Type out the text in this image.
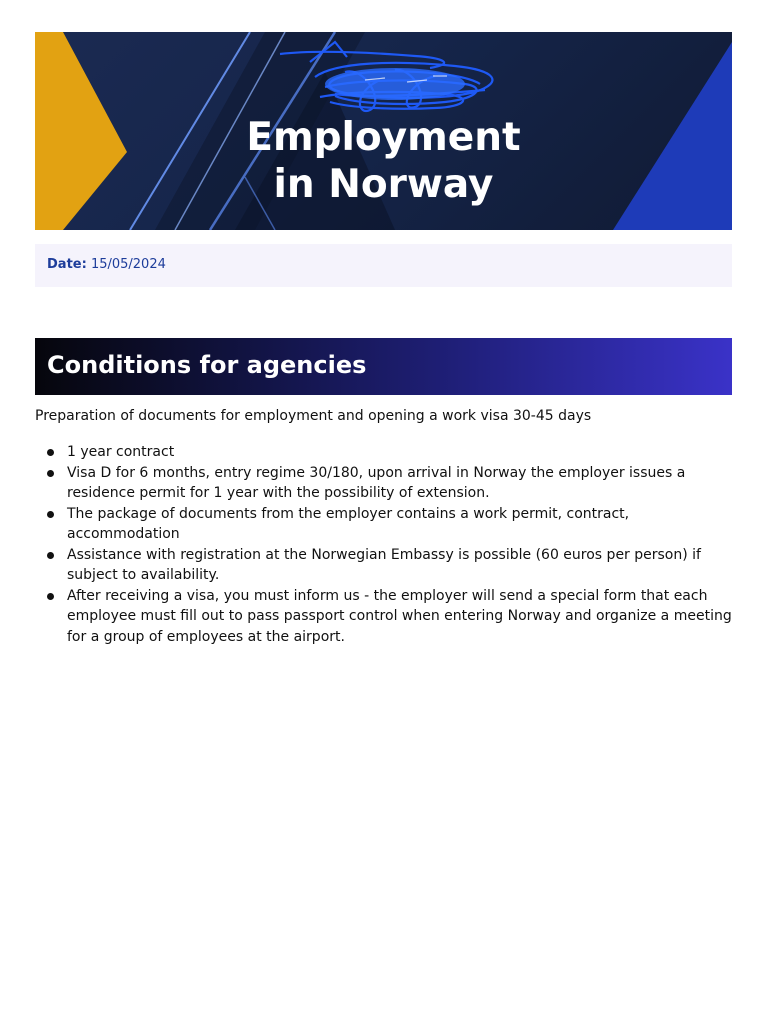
Employment
in Norway
Date: 15/05/2024
Conditions for agencies

Preparation of documents for employment and opening a work visa 30-45 days

1 year contract
Visa D for 6 months, entry regime 30/180, upon arrival in Norway the employer issues a residence permit for 1 year with the possibility of extension.
The package of documents from the employer contains a work permit, contract, accommodation
Assistance with registration at the Norwegian Embassy is possible (60 euros per person) if subject to availability.
After receiving a visa, you must inform us - the employer will send a special form that each employee must fill out to pass passport control when entering Norway and organize a meeting for a group of employees at the airport.
